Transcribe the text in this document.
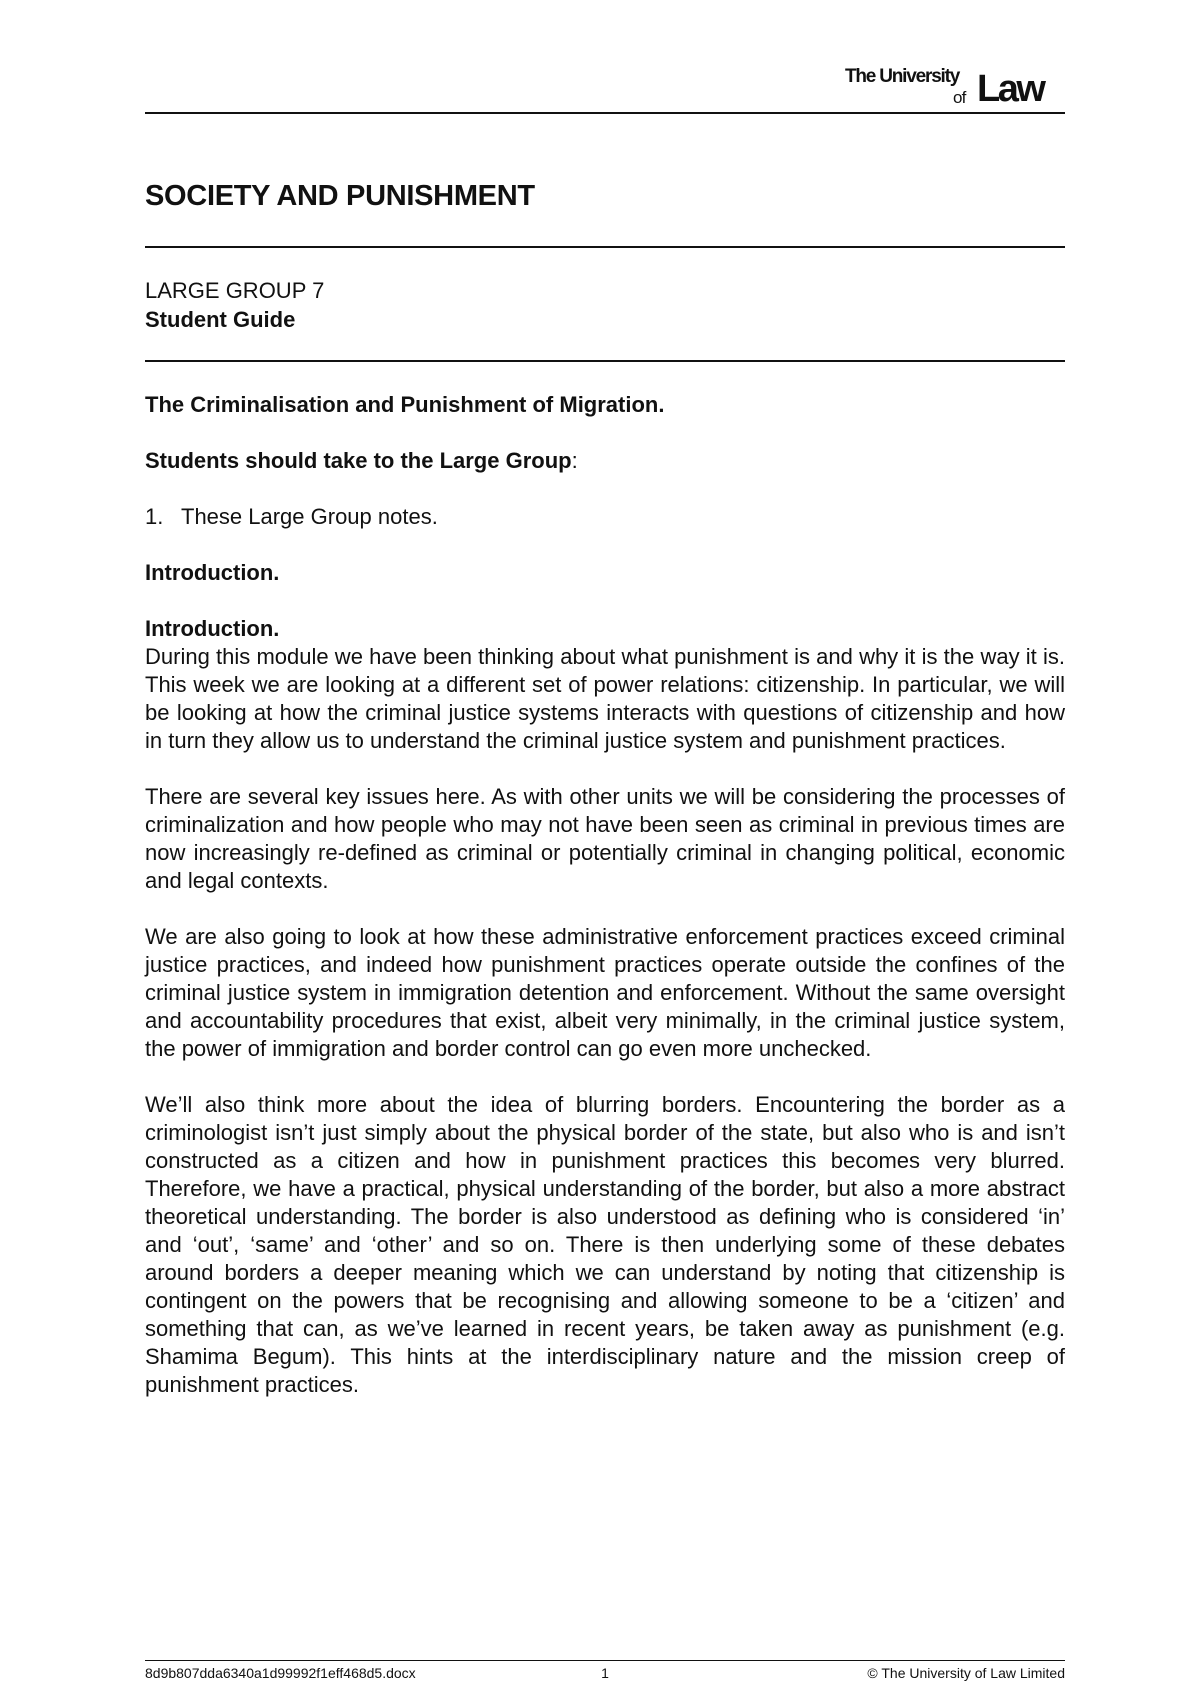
The University
of Law
SOCIETY AND PUNISHMENT
LARGE GROUP 7
Student Guide

The Criminalisation and Punishment of Migration.

Students should take to the Large Group:

1. These Large Group notes.

Introduction.

Introduction.

During this module we have been thinking about what punishment is and why it is the way it is. This week we are looking at a different set of power relations: citizenship. In particular, we will be looking at how the criminal justice systems interacts with questions of citizenship and how in turn they allow us to understand the criminal justice system and punishment practices.

There are several key issues here. As with other units we will be considering the processes of criminalization and how people who may not have been seen as criminal in previous times are now increasingly re-defined as criminal or potentially criminal in changing political, economic and legal contexts.

We are also going to look at how these administrative enforcement practices exceed criminal justice practices, and indeed how punishment practices operate outside the confines of the criminal justice system in immigration detention and enforcement. Without the same oversight and accountability procedures that exist, albeit very minimally, in the criminal justice system, the power of immigration and border control can go even more unchecked.

We’ll also think more about the idea of blurring borders. Encountering the border as a criminologist isn’t just simply about the physical border of the state, but also who is and isn’t constructed as a citizen and how in punishment practices this becomes very blurred. Therefore, we have a practical, physical understanding of the border, but also a more abstract theoretical understanding. The border is also understood as defining who is considered ‘in’ and ‘out’, ‘same’ and ‘other’ and so on. There is then underlying some of these debates around borders a deeper meaning which we can understand by noting that citizenship is contingent on the powers that be recognising and allowing someone to be a ‘citizen’ and something that can, as we’ve learned in recent years, be taken away as punishment (e.g. Shamima Begum). This hints at the interdisciplinary nature and the mission creep of punishment practices.

8d9b807dda6340a1d99992f1eff468d5.docx	1	© The University of Law Limited
